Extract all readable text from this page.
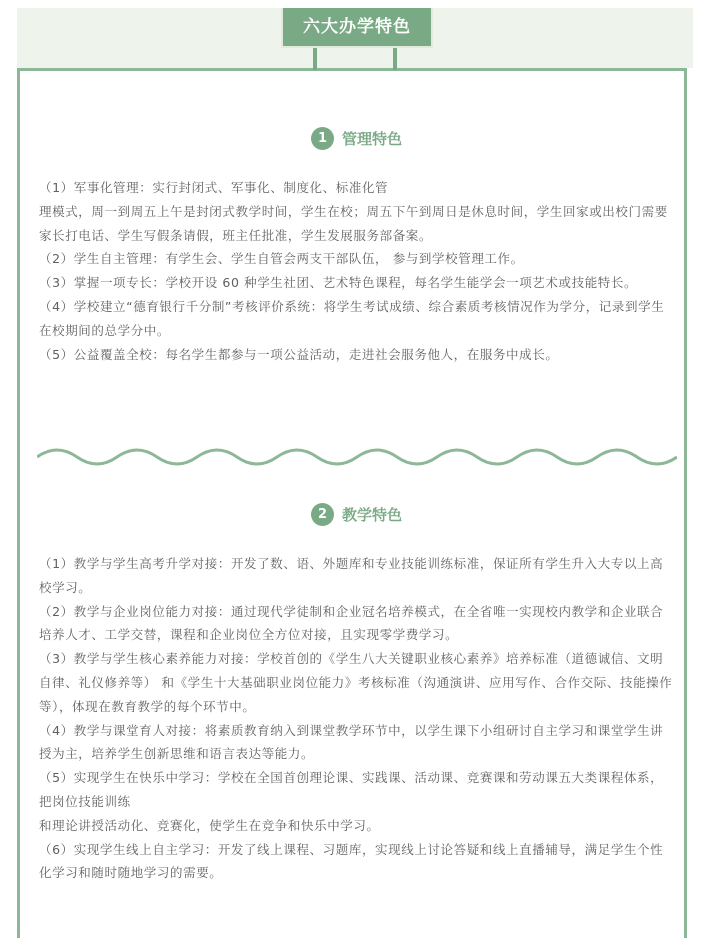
六大办学特色
1 管理特色

（1）军事化管理：实行封闭式、军事化、制度化、标准化管

理模式，周一到周五上午是封闭式教学时间，学生在校；周五下午到周日是休息时间，学生回家或出校门需要家长打电话、学生写假条请假，班主任批准，学生发展服务部备案。

（2）学生自主管理：有学生会、学生自管会两支干部队伍， 参与到学校管理工作。

（3）掌握一项专长：学校开设 60 种学生社团、艺术特色课程，每名学生能学会一项艺术或技能特长。

（4）学校建立“德育银行千分制”考核评价系统：将学生考试成绩、综合素质考核情况作为学分，记录到学生在校期间的总学分中。

（5）公益覆盖全校：每名学生都参与一项公益活动，走进社会服务他人，在服务中成长。

2 教学特色

（1）教学与学生高考升学对接：开发了数、语、外题库和专业技能训练标准，保证所有学生升入大专以上高校学习。

（2）教学与企业岗位能力对接：通过现代学徒制和企业冠名培养模式，在全省唯一实现校内教学和企业联合培养人才、工学交替，课程和企业岗位全方位对接，且实现零学费学习。

（3）教学与学生核心素养能力对接：学校首创的《学生八大关键职业核心素养》培养标准（道德诚信、文明自律、礼仪修养等） 和《学生十大基础职业岗位能力》考核标准（沟通演讲、应用写作、合作交际、技能操作等），体现在教育教学的每个环节中。

（4）教学与课堂育人对接：将素质教育纳入到课堂教学环节中，以学生课下小组研讨自主学习和课堂学生讲授为主，培养学生创新思维和语言表达等能力。

（5）实现学生在快乐中学习：学校在全国首创理论课、实践课、活动课、竞赛课和劳动课五大类课程体系，把岗位技能训练

和理论讲授活动化、竞赛化，使学生在竞争和快乐中学习。

（6）实现学生线上自主学习：开发了线上课程、习题库，实现线上讨论答疑和线上直播辅导，满足学生个性化学习和随时随地学习的需要。
